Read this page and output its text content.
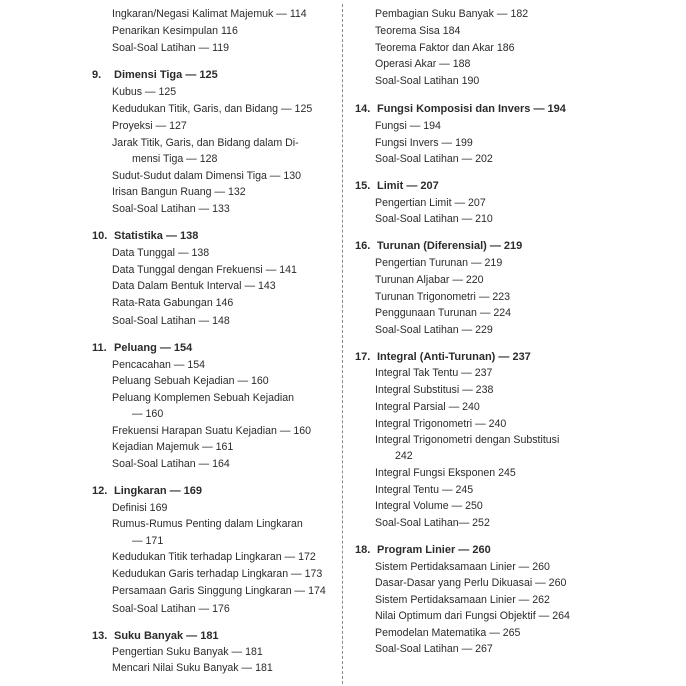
Ingkaran/Negasi Kalimat Majemuk — 114
Penarikan Kesimpulan 116
Soal-Soal Latihan — 119
9. Dimensi Tiga — 125
Kubus — 125
Kedudukan Titik, Garis, dan Bidang — 125
Proyeksi — 127
Jarak Titik, Garis, dan Bidang dalam Di-
mensi Tiga — 128
Sudut-Sudut dalam Dimensi Tiga — 130
Irisan Bangun Ruang — 132
Soal-Soal Latihan — 133
10. Statistika — 138
Data Tunggal — 138
Data Tunggal dengan Frekuensi — 141
Data Dalam Bentuk Interval — 143
Rata-Rata Gabungan 146
Soal-Soal Latihan — 148
11. Peluang — 154
Pencacahan — 154
Peluang Sebuah Kejadian — 160
Peluang Komplemen Sebuah Kejadian
— 160
Frekuensi Harapan Suatu Kejadian — 160
Kejadian Majemuk — 161
Soal-Soal Latihan — 164
12. Lingkaran — 169
Definisi 169
Rumus-Rumus Penting dalam Lingkaran
— 171
Kedudukan Titik terhadap Lingkaran — 172
Kedudukan Garis terhadap Lingkaran — 173
Persamaan Garis Singgung Lingkaran — 174
Soal-Soal Latihan — 176
13. Suku Banyak — 181
Pengertian Suku Banyak — 181
Mencari Nilai Suku Banyak — 181
Pembagian Suku Banyak — 182
Teorema Sisa 184
Teorema Faktor dan Akar 186
Operasi Akar — 188
Soal-Soal Latihan 190
14. Fungsi Komposisi dan Invers — 194
Fungsi — 194
Fungsi Invers — 199
Soal-Soal Latihan — 202
15. Limit — 207
Pengertian Limit — 207
Soal-Soal Latihan — 210
16. Turunan (Diferensial) — 219
Pengertian Turunan — 219
Turunan Aljabar — 220
Turunan Trigonometri — 223
Penggunaan Turunan — 224
Soal-Soal Latihan — 229
17. Integral (Anti-Turunan) — 237
Integral Tak Tentu — 237
Integral Substitusi — 238
Integral Parsial — 240
Integral Trigonometri — 240
Integral Trigonometri dengan Substitusi
242
Integral Fungsi Eksponen 245
Integral Tentu — 245
Integral Volume — 250
Soal-Soal Latihan— 252
18. Program Linier — 260
Sistem Pertidaksamaan Linier — 260
Dasar-Dasar yang Perlu Dikuasai — 260
Sistem Pertidaksamaan Linier — 262
Nilai Optimum dari Fungsi Objektif — 264
Pemodelan Matematika — 265
Soal-Soal Latihan — 267
